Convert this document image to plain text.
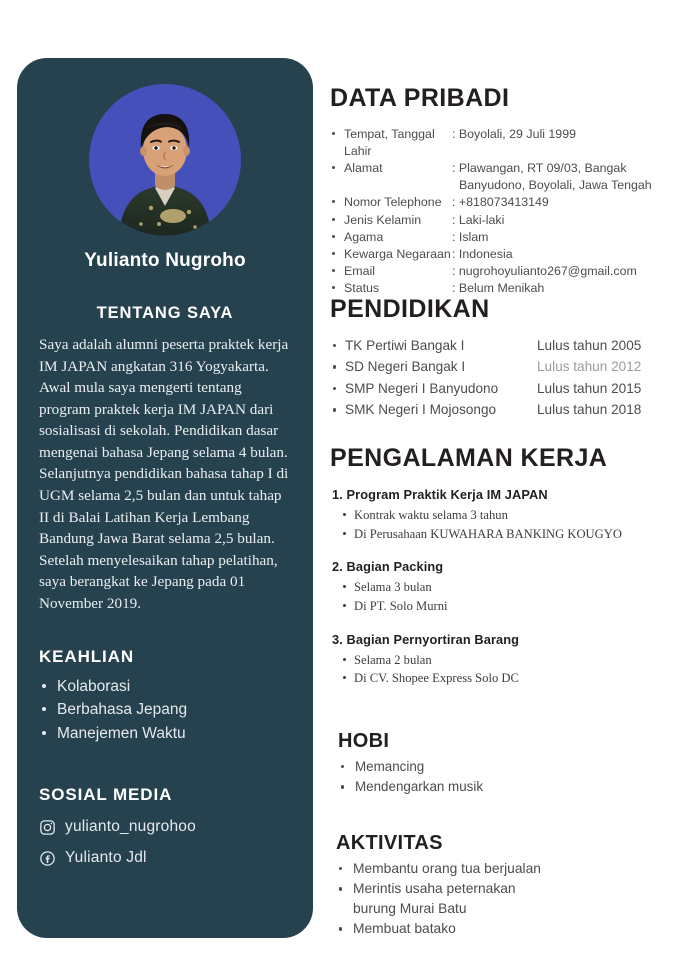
Yulianto Nugroho
TENTANG SAYA
Saya adalah alumni peserta praktek kerja IM JAPAN angkatan 316 Yogyakarta. Awal mula saya mengerti tentang program praktek kerja IM JAPAN dari sosialisasi di sekolah. Pendidikan dasar mengenai bahasa Jepang selama 4 bulan. Selanjutnya pendidikan bahasa tahap I di UGM selama 2,5 bulan dan untuk tahap II di Balai Latihan Kerja Lembang Bandung Jawa Barat selama 2,5 bulan. Setelah menyelesaikan tahap pelatihan, saya berangkat ke Jepang pada 01 November 2019.
KEAHLIAN
Kolaborasi
Berbahasa Jepang
Manejemen Waktu
SOSIAL MEDIA
yulianto_nugrohoo
Yulianto Jdl
DATA PRIBADI
Tempat, Tanggal Lahir
: Boyolali, 29 Juli 1999
Alamat	: Plawangan, RT 09/03, Bangak
Banyudono, Boyolali, Jawa Tengah
Nomor Telephone : +818073413149
Jenis Kelamin	: Laki-laki
Agama	: Islam
Kewarga Negaraan : Indonesia
Email	: nugrohoyulianto267@gmail.com
Status	: Belum Menikah
PENDIDIKAN
TK Pertiwi Bangak I	Lulus tahun 2005
SD Negeri Bangak I	Lulus tahun 2012
SMP Negeri I Banyudono	Lulus tahun 2015
SMK Negeri I Mojosongo	Lulus tahun 2018
PENGALAMAN KERJA
1. Program Praktik Kerja IM JAPAN
Kontrak waktu selama 3 tahun
Di Perusahaan KUWAHARA BANKING KOUGYO
2. Bagian Packing
Selama 3 bulan
Di PT. Solo Murni
3. Bagian Pernyortiran Barang
Selama 2 bulan
Di CV. Shopee Express Solo DC
HOBI
Memancing
Mendengarkan musik
AKTIVITAS
Membantu orang tua berjualan
Merintis usaha peternakan
burung Murai Batu
Membuat batako
